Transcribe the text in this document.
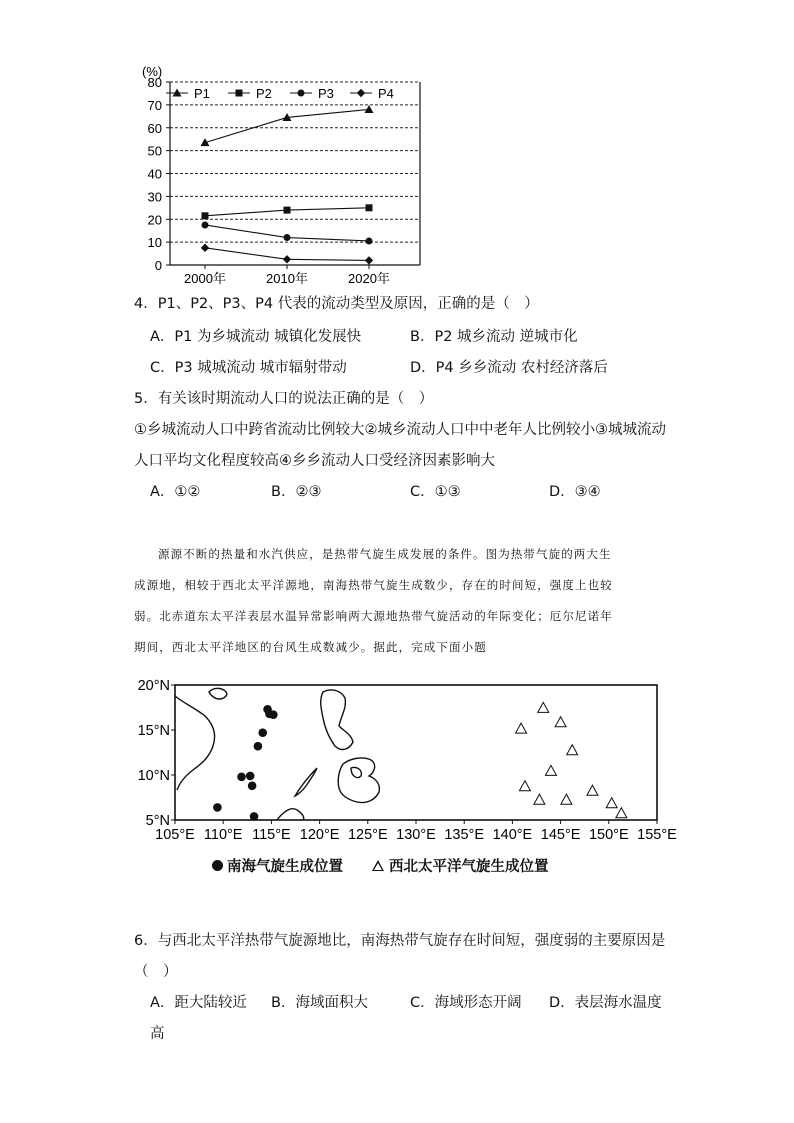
0
10
20
30
40
50
60
70
80
2000年	2010年	2020年
P1	P2	P3	P4
(%)
4．P1、P2、P3、P4 代表的流动类型及原因，正确的是（　）
A．P1 为乡城流动 城镇化发展快	B．P2 城乡流动 逆城市化
C．P3 城城流动 城市辐射带动	D．P4 乡乡流动 农村经济落后
5．有关该时期流动人口的说法正确的是（　）
①乡城流动人口中跨省流动比例较大②城乡流动人口中中老年人比例较小③城城流动
人口平均文化程度较高④乡乡流动人口受经济因素影响大
A．①②	B．②③	C．①③	D．③④
源源不断的热量和水汽供应，是热带气旋生成发展的条件。图为热带气旋的两大生
成源地，相较于西北太平洋源地，南海热带气旋生成数少，存在的时间短，强度上也较
弱。北赤道东太平洋表层水温异常影响两大源地热带气旋活动的年际变化；厄尔尼诺年
期间，西北太平洋地区的台风生成数减少。据此，完成下面小题
105°E 110°E 115°E 120°E 125°E 130°E 135°E 140°E 145°E 150°E 155°E
20°N
15°N
10°N
5°N
南海气旋生成位置	西北太平洋气旋生成位置
6．与西北太平洋热带气旋源地比，南海热带气旋存在时间短，强度弱的主要原因是
（　）
A．距大陆较近 B．海域面积大	C．海域形态开阔 D．表层海水温度
高
